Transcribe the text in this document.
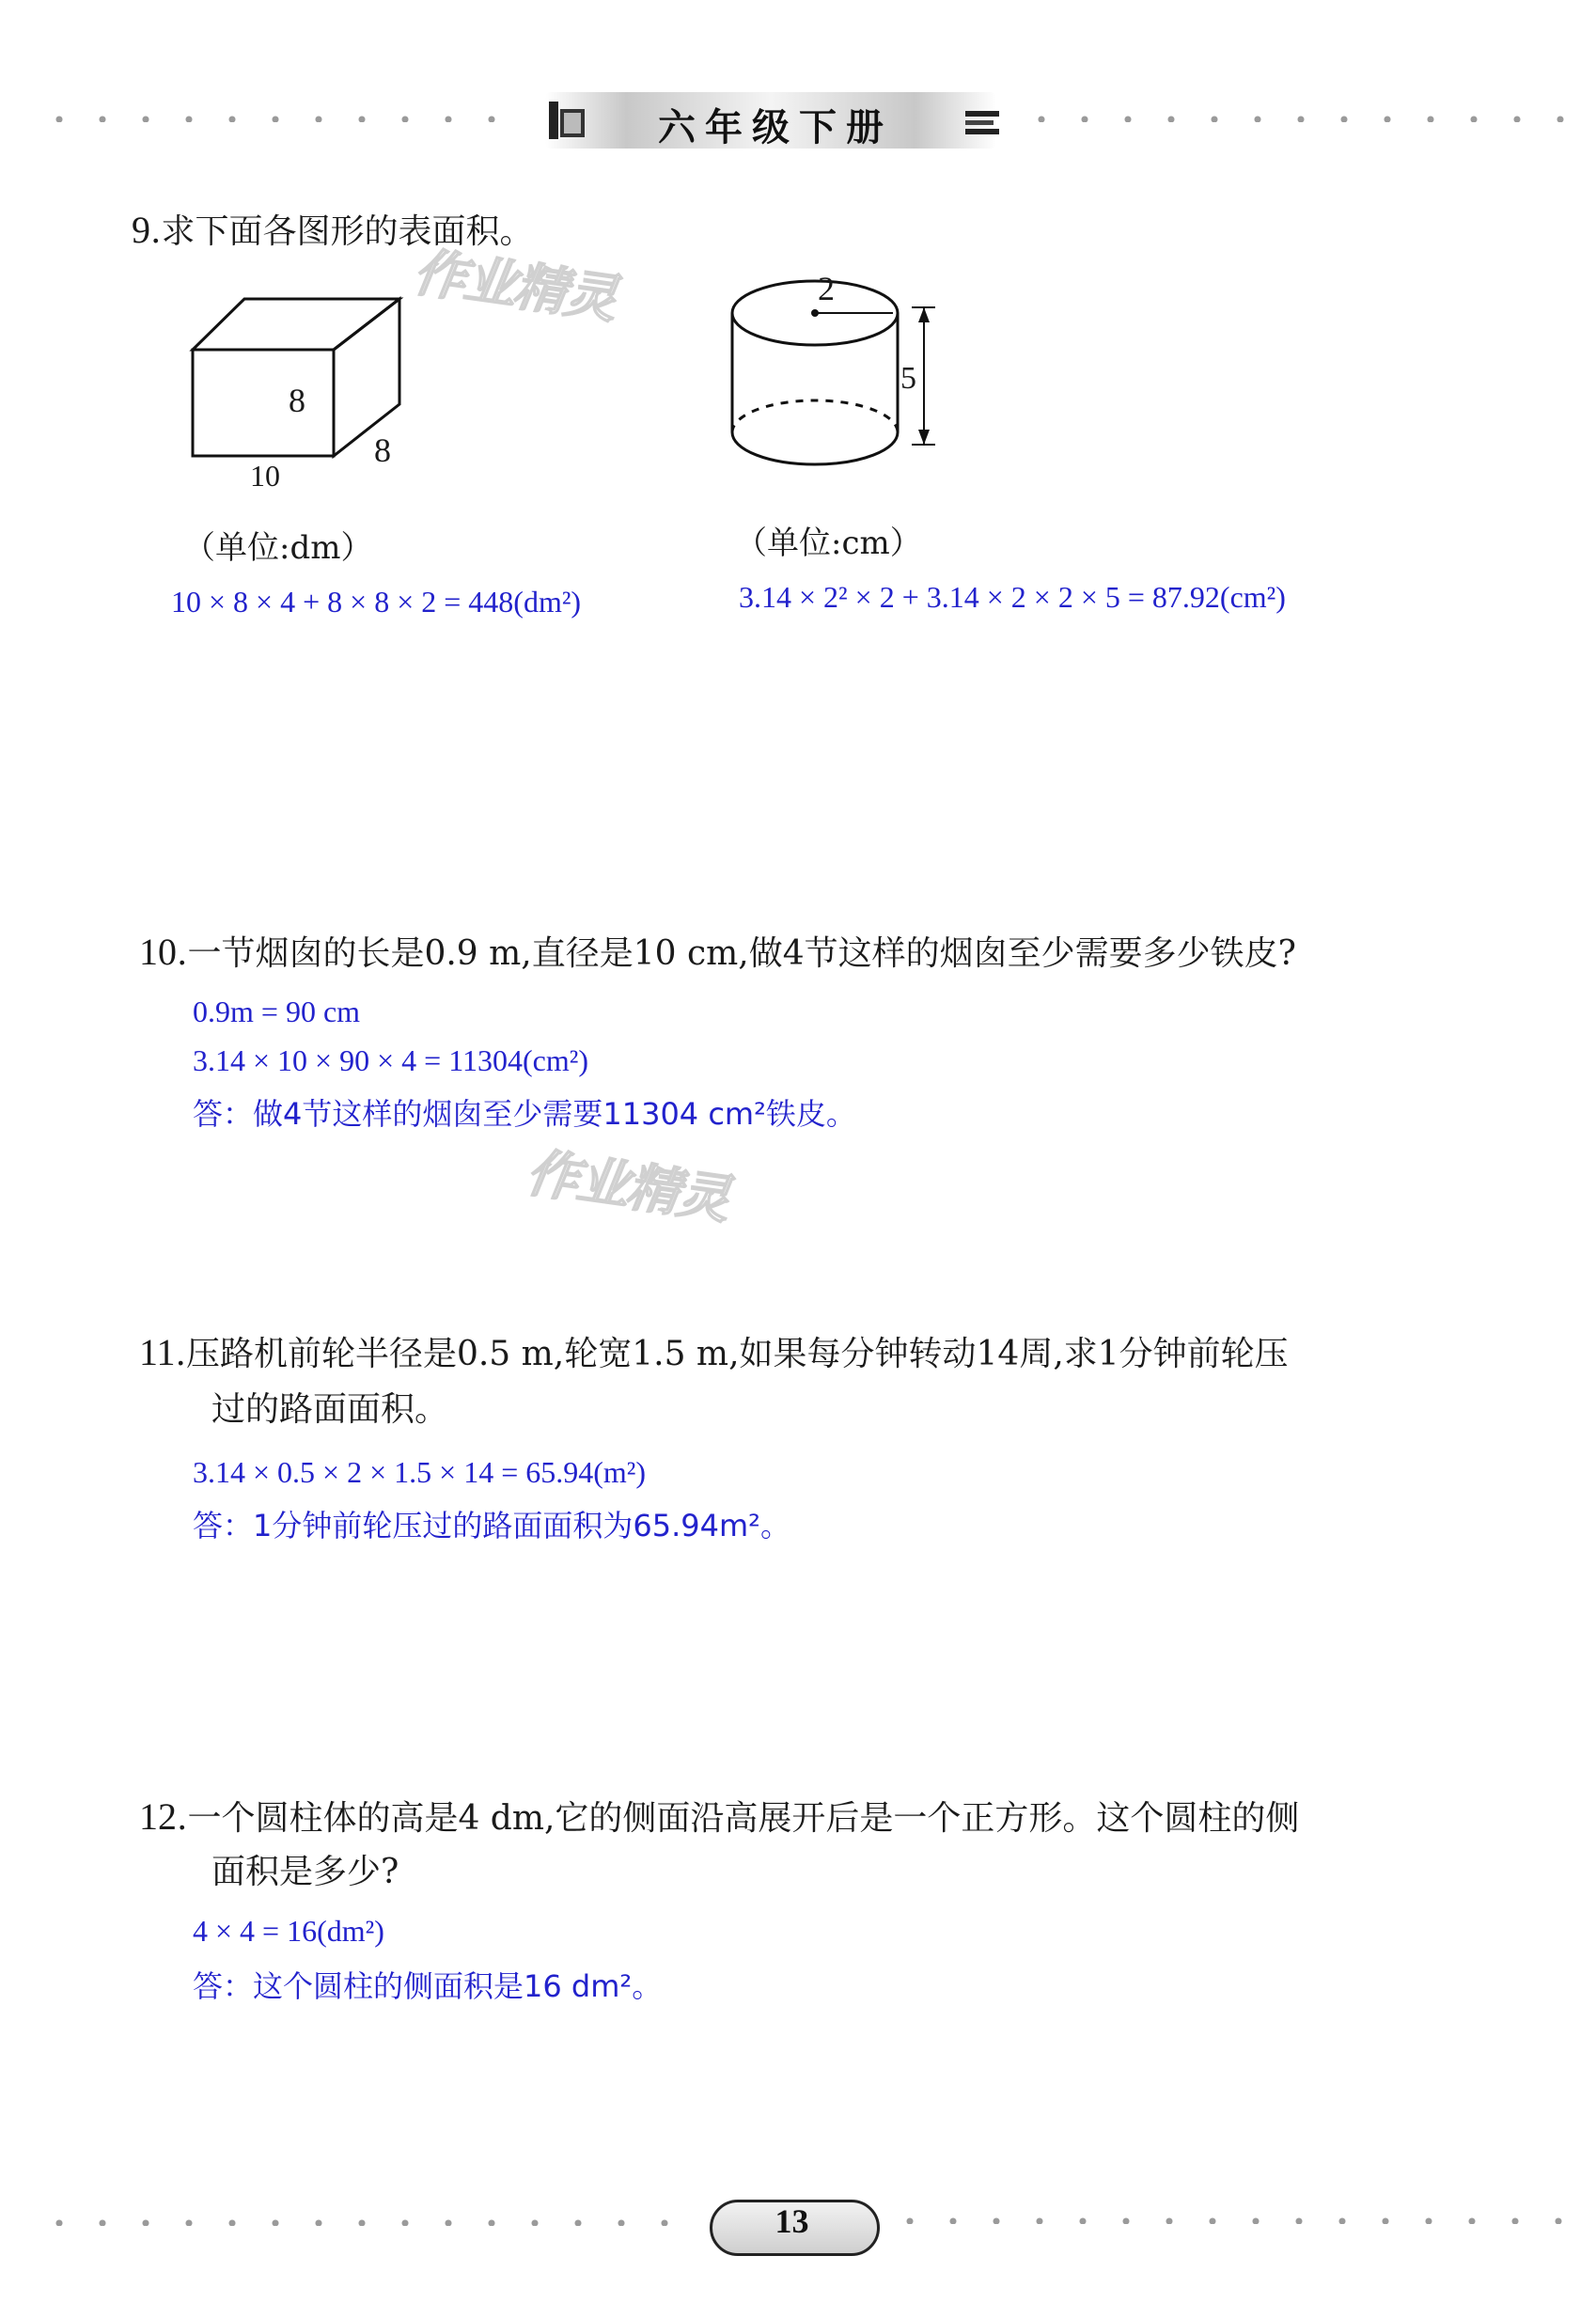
六年级下册
9.求下面各图形的表面积。
作业精灵
8
8
10
（单位:dm）
2
5
（单位:cm）
10 × 8 × 4 + 8 × 8 × 2 = 448(dm²)	3.14 × 2² × 2 + 3.14 × 2 × 2 × 5 = 87.92(cm²)
10.一节烟囱的长是0.9 m,直径是10 cm,做4节这样的烟囱至少需要多少铁皮?
0.9m = 90 cm
3.14 × 10 × 90 × 4 = 11304(cm²)
答：做4节这样的烟囱至少需要11304 cm²铁皮。
作业精灵
11.压路机前轮半径是0.5 m,轮宽1.5 m,如果每分钟转动14周,求1分钟前轮压
过的路面面积。
3.14 × 0.5 × 2 × 1.5 × 14 = 65.94(m²)
答：1分钟前轮压过的路面面积为65.94m²。
12.一个圆柱体的高是4 dm,它的侧面沿高展开后是一个正方形。这个圆柱的侧
面积是多少?
4 × 4 = 16(dm²)
答：这个圆柱的侧面积是16 dm²。
13
